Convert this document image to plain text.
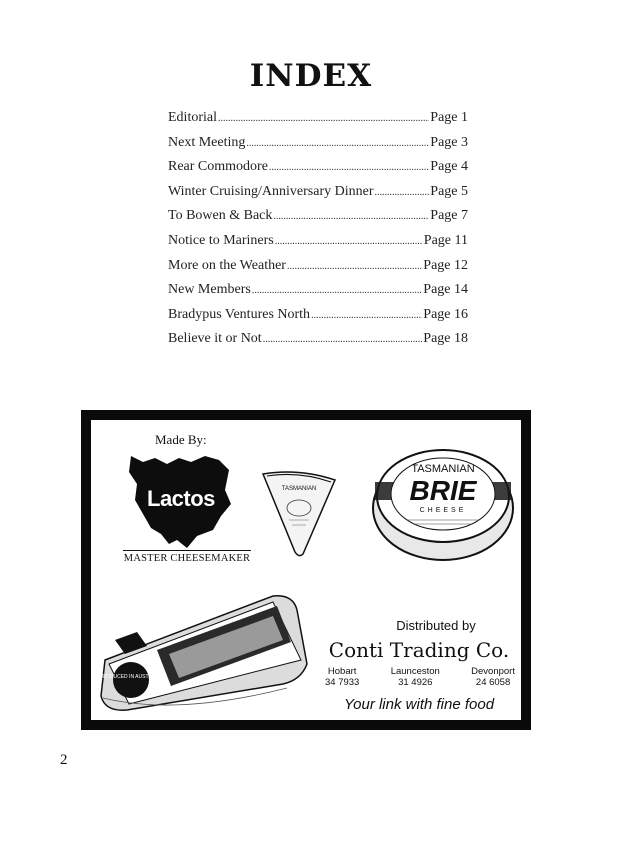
INDEX
Editorial .....	Page 1
Next Meeting .....	Page 3
Rear Commodore .....	Page 4
Winter Cruising/Anniversary Dinner .....	Page 5
To Bowen & Back .....	Page 7
Notice to Mariners .....	Page 11
More on the Weather .....	Page 12
New Members .....	Page 14
Bradypus Ventures North .....	Page 16
Believe it or Not .....	Page 18
Made By:
Lactos
MASTER CHEESEMAKER
TASMANIAN
TASMANIAN
BRIE
CHEESE
PRODUCED IN AUSTRALIA
Distributed by
Conti Trading Co.
Hobart
34 7933
Launceston
31 4926
Devonport
24 6058
Your link with fine food
2
